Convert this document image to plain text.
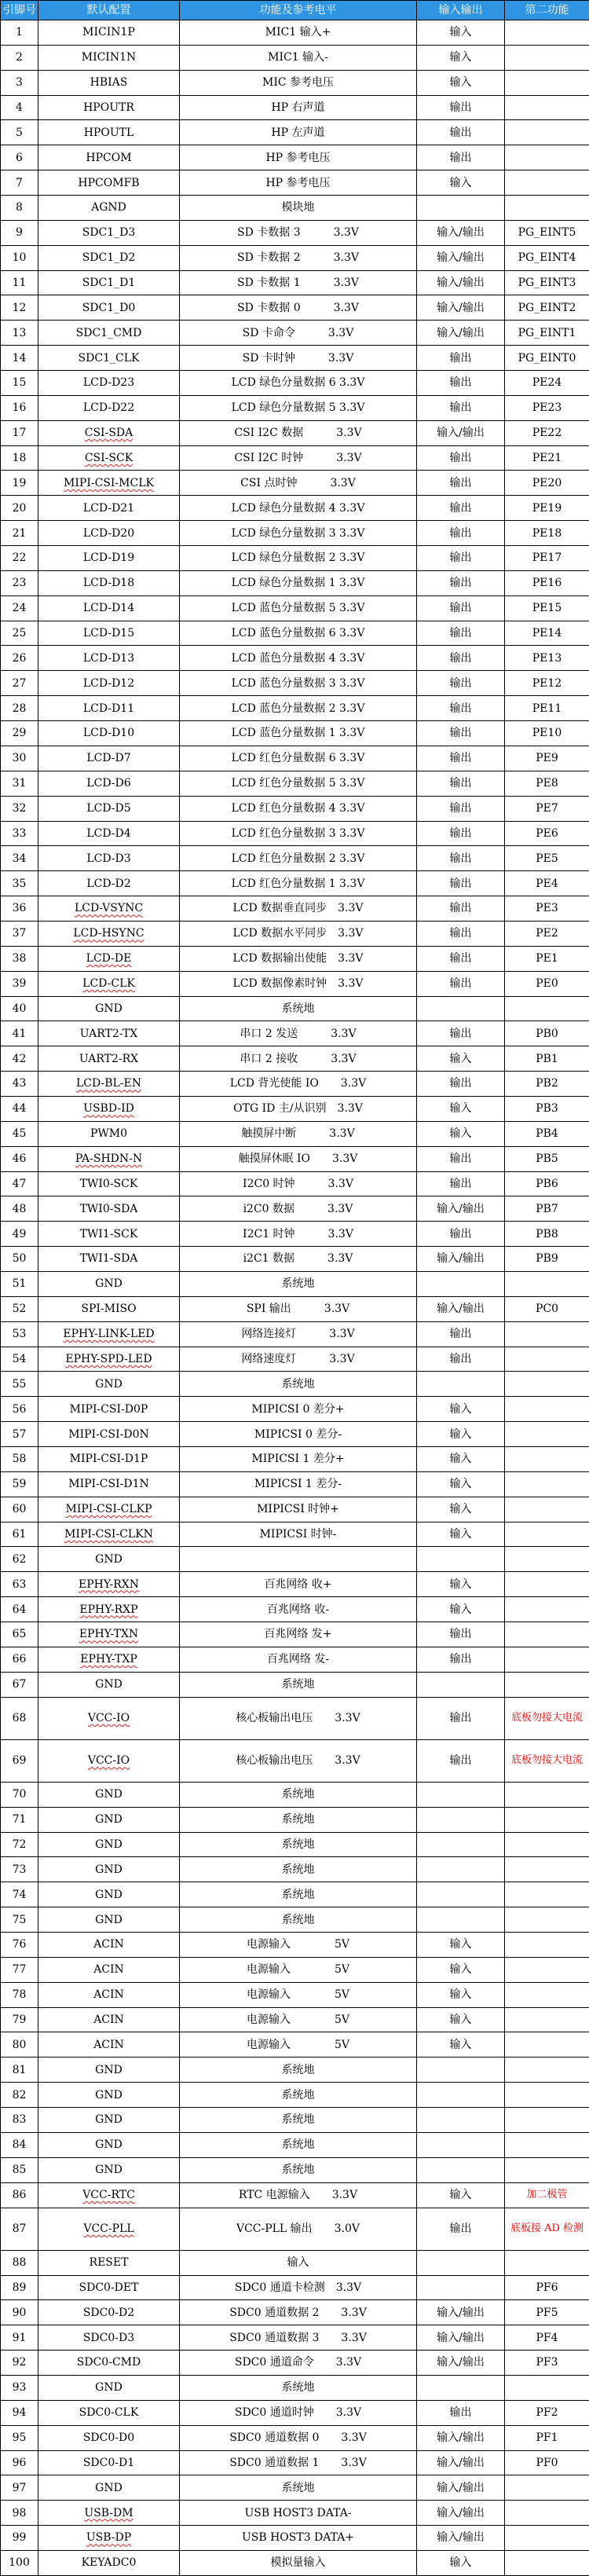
引脚号	默认配置	功能及参考电平	输入输出	第二功能
1	MICIN1P	MIC1 输入+	输入	
2	MICIN1N	MIC1 输入-	输入	
3	HBIAS	MIC 参考电压	输入	
4	HPOUTR	HP 右声道	输出	
5	HPOUTL	HP 左声道	输出	
6	HPCOM	HP 参考电压	输出	
7	HPCOMFB	HP 参考电压	输入	
8	AGND	模块地		
9	SDC1_D3	SD 卡数据 3　　　3.3V	输入/输出	PG_EINT5
10	SDC1_D2	SD 卡数据 2　　　3.3V	输入/输出	PG_EINT4
11	SDC1_D1	SD 卡数据 1　　　3.3V	输入/输出	PG_EINT3
12	SDC1_D0	SD 卡数据 0　　　3.3V	输入/输出	PG_EINT2
13	SDC1_CMD	SD 卡命令　　　3.3V	输入/输出	PG_EINT1
14	SDC1_CLK	SD 卡时钟　　　3.3V	输出	PG_EINT0
15	LCD-D23	LCD 绿色分量数据 6 3.3V	输出	PE24
16	LCD-D22	LCD 绿色分量数据 5 3.3V	输出	PE23
17	CSI-SDA	CSI I2C 数据　　　3.3V	输入/输出	PE22
18	CSI-SCK	CSI I2C 时钟　　　3.3V	输出	PE21
19	MIPI-CSI-MCLK	CSI 点时钟　　　3.3V	输出	PE20
20	LCD-D21	LCD 绿色分量数据 4 3.3V	输出	PE19
21	LCD-D20	LCD 绿色分量数据 3 3.3V	输出	PE18
22	LCD-D19	LCD 绿色分量数据 2 3.3V	输出	PE17
23	LCD-D18	LCD 绿色分量数据 1 3.3V	输出	PE16
24	LCD-D14	LCD 蓝色分量数据 5 3.3V	输出	PE15
25	LCD-D15	LCD 蓝色分量数据 6 3.3V	输出	PE14
26	LCD-D13	LCD 蓝色分量数据 4 3.3V	输出	PE13
27	LCD-D12	LCD 蓝色分量数据 3 3.3V	输出	PE12
28	LCD-D11	LCD 蓝色分量数据 2 3.3V	输出	PE11
29	LCD-D10	LCD 蓝色分量数据 1 3.3V	输出	PE10
30	LCD-D7	LCD 红色分量数据 6 3.3V	输出	PE9
31	LCD-D6	LCD 红色分量数据 5 3.3V	输出	PE8
32	LCD-D5	LCD 红色分量数据 4 3.3V	输出	PE7
33	LCD-D4	LCD 红色分量数据 3 3.3V	输出	PE6
34	LCD-D3	LCD 红色分量数据 2 3.3V	输出	PE5
35	LCD-D2	LCD 红色分量数据 1 3.3V	输出	PE4
36	LCD-VSYNC	LCD 数据垂直同步　3.3V	输出	PE3
37	LCD-HSYNC	LCD 数据水平同步　3.3V	输出	PE2
38	LCD-DE	LCD 数据输出使能　3.3V	输出	PE1
39	LCD-CLK	LCD 数据像素时钟　3.3V	输出	PE0
40	GND	系统地		
41	UART2-TX	串口 2 发送　　　3.3V	输出	PB0
42	UART2-RX	串口 2 接收　　　3.3V	输入	PB1
43	LCD-BL-EN	LCD 背光使能 IO　　3.3V	输出	PB2
44	USBD-ID	OTG ID 主/从识别　3.3V	输入	PB3
45	PWM0	触摸屏中断　　　3.3V	输入	PB4
46	PA-SHDN-N	触摸屏休眠 IO　　3.3V	输出	PB5
47	TWI0-SCK	I2C0 时钟　　　3.3V	输出	PB6
48	TWI0-SDA	i2C0 数据　　　3.3V	输入/输出	PB7
49	TWI1-SCK	I2C1 时钟　　　3.3V	输出	PB8
50	TWI1-SDA	i2C1 数据　　　3.3V	输入/输出	PB9
51	GND	系统地		
52	SPI-MISO	SPI 输出　　　3.3V	输入/输出	PC0
53	EPHY-LINK-LED	网络连接灯　　　3.3V	输出	
54	EPHY-SPD-LED	网络速度灯　　　3.3V	输出	
55	GND	系统地		
56	MIPI-CSI-D0P	MIPICSI 0 差分+	输入	
57	MIPI-CSI-D0N	MIPICSI 0 差分-	输入	
58	MIPI-CSI-D1P	MIPICSI 1 差分+	输入	
59	MIPI-CSI-D1N	MIPICSI 1 差分-	输入	
60	MIPI-CSI-CLKP	MIPICSI 时钟+	输入	
61	MIPI-CSI-CLKN	MIPICSI 时钟-	输入	
62	GND			
63	EPHY-RXN	百兆网络 收+	输入	
64	EPHY-RXP	百兆网络 收-	输入	
65	EPHY-TXN	百兆网络 发+	输出	
66	EPHY-TXP	百兆网络 发-	输出	
67	GND	系统地		
68	VCC-IO	核心板输出电压　　3.3V	输出	底板勿接大电流
69	VCC-IO	核心板输出电压　　3.3V	输出	底板勿接大电流
70	GND	系统地		
71	GND	系统地		
72	GND	系统地		
73	GND	系统地		
74	GND	系统地		
75	GND	系统地		
76	ACIN	电源输入　　　　5V	输入	
77	ACIN	电源输入　　　　5V	输入	
78	ACIN	电源输入　　　　5V	输入	
79	ACIN	电源输入　　　　5V	输入	
80	ACIN	电源输入　　　　5V	输入	
81	GND	系统地		
82	GND	系统地		
83	GND	系统地		
84	GND	系统地		
85	GND	系统地		
86	VCC-RTC	RTC 电源输入　　3.3V	输入	加二极管
87	VCC-PLL	VCC-PLL 输出　　3.0V	输出	底板接 AD 检测
88	RESET	输入		
89	SDC0-DET	SDC0 通道卡检测　3.3V		PF6
90	SDC0-D2	SDC0 通道数据 2　　3.3V	输入/输出	PF5
91	SDC0-D3	SDC0 通道数据 3　　3.3V	输入/输出	PF4
92	SDC0-CMD	SDC0 通道命令　　3.3V	输入/输出	PF3
93	GND	系统地		
94	SDC0-CLK	SDC0 通道时钟　　3.3V	输出	PF2
95	SDC0-D0	SDC0 通道数据 0　　3.3V	输入/输出	PF1
96	SDC0-D1	SDC0 通道数据 1　　3.3V	输入/输出	PF0
97	GND	系统地	输入/输出	
98	USB-DM	USB HOST3 DATA-	输入/输出	
99	USB-DP	USB HOST3 DATA+	输入/输出	
100	KEYADC0	模拟量输入	输入	
